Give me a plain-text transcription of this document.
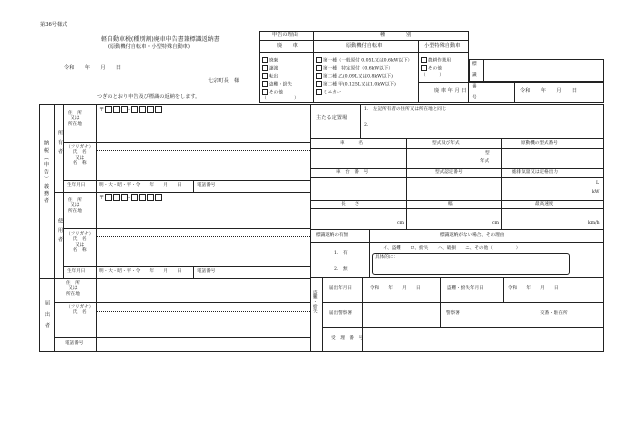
第36号様式
軽自動車税(種別割)廃車申告書兼標識返納書
(原動機付自転車・小型特殊自動車)
令和　　年　　月　　日
七宗町長　様
つぎのとおり申告及び標識の返納をします。
申告の理由	種　　　　別
廃　　車	原動機付自転車	小型特殊自動車
廃棄
譲渡
転出
盗難・紛失
その他
（　　　　　　）
第一種（一般原付 0.05L又は0.6kW以下）
第一種　特定原付（0.6kW以下）
第二種 乙(0.09L又は0.8kW以下)
第二種 甲(0.125L又は1.0kW以下)
ミニカー
農耕作業用
その他
（　　　）	標　識　番　号
廃 車 年 月 日	令和　　年　　月　　日
納税（申告）義務者 所有者
使用者
届出者
住　所
又は
所在地
〒	-
（フリガナ）
氏　名
又は
名　称
生年月日	明・大・昭・平・令　　年　　月　　日	電話番号
住　所
又は
所在地
〒	-
（フリガナ）
氏　名
又は
名　称
生年月日	明・大・昭・平・令　　年　　月　　日	電話番号
住　所
又は
所在地
（フリガナ）
氏　名
電話番号
主たる定置場
1.　左記所有者の住所又は所在地と同じ
2.
車　　　名	型式及び年式	原動機の型式番号
型
年式
車　台　番　号	型式認定番号	総排気量又は定格出力
L
kW
長　　さ	幅	最高速度
cm	cm	km/h
標識返納の有無	標識返納がない場合、その理由
1.　有
2.　無
イ、盗難　　ロ、紛失　　ハ、破損　　ニ、その他（　　　　　）
具体的に：
盗難・紛失
届出年月日	令和　　年　　月　　日	盗難・紛失年月日	令和　　年　　月　　日
届出警察署	警察署	交番・駐在所
受　理　番　号
